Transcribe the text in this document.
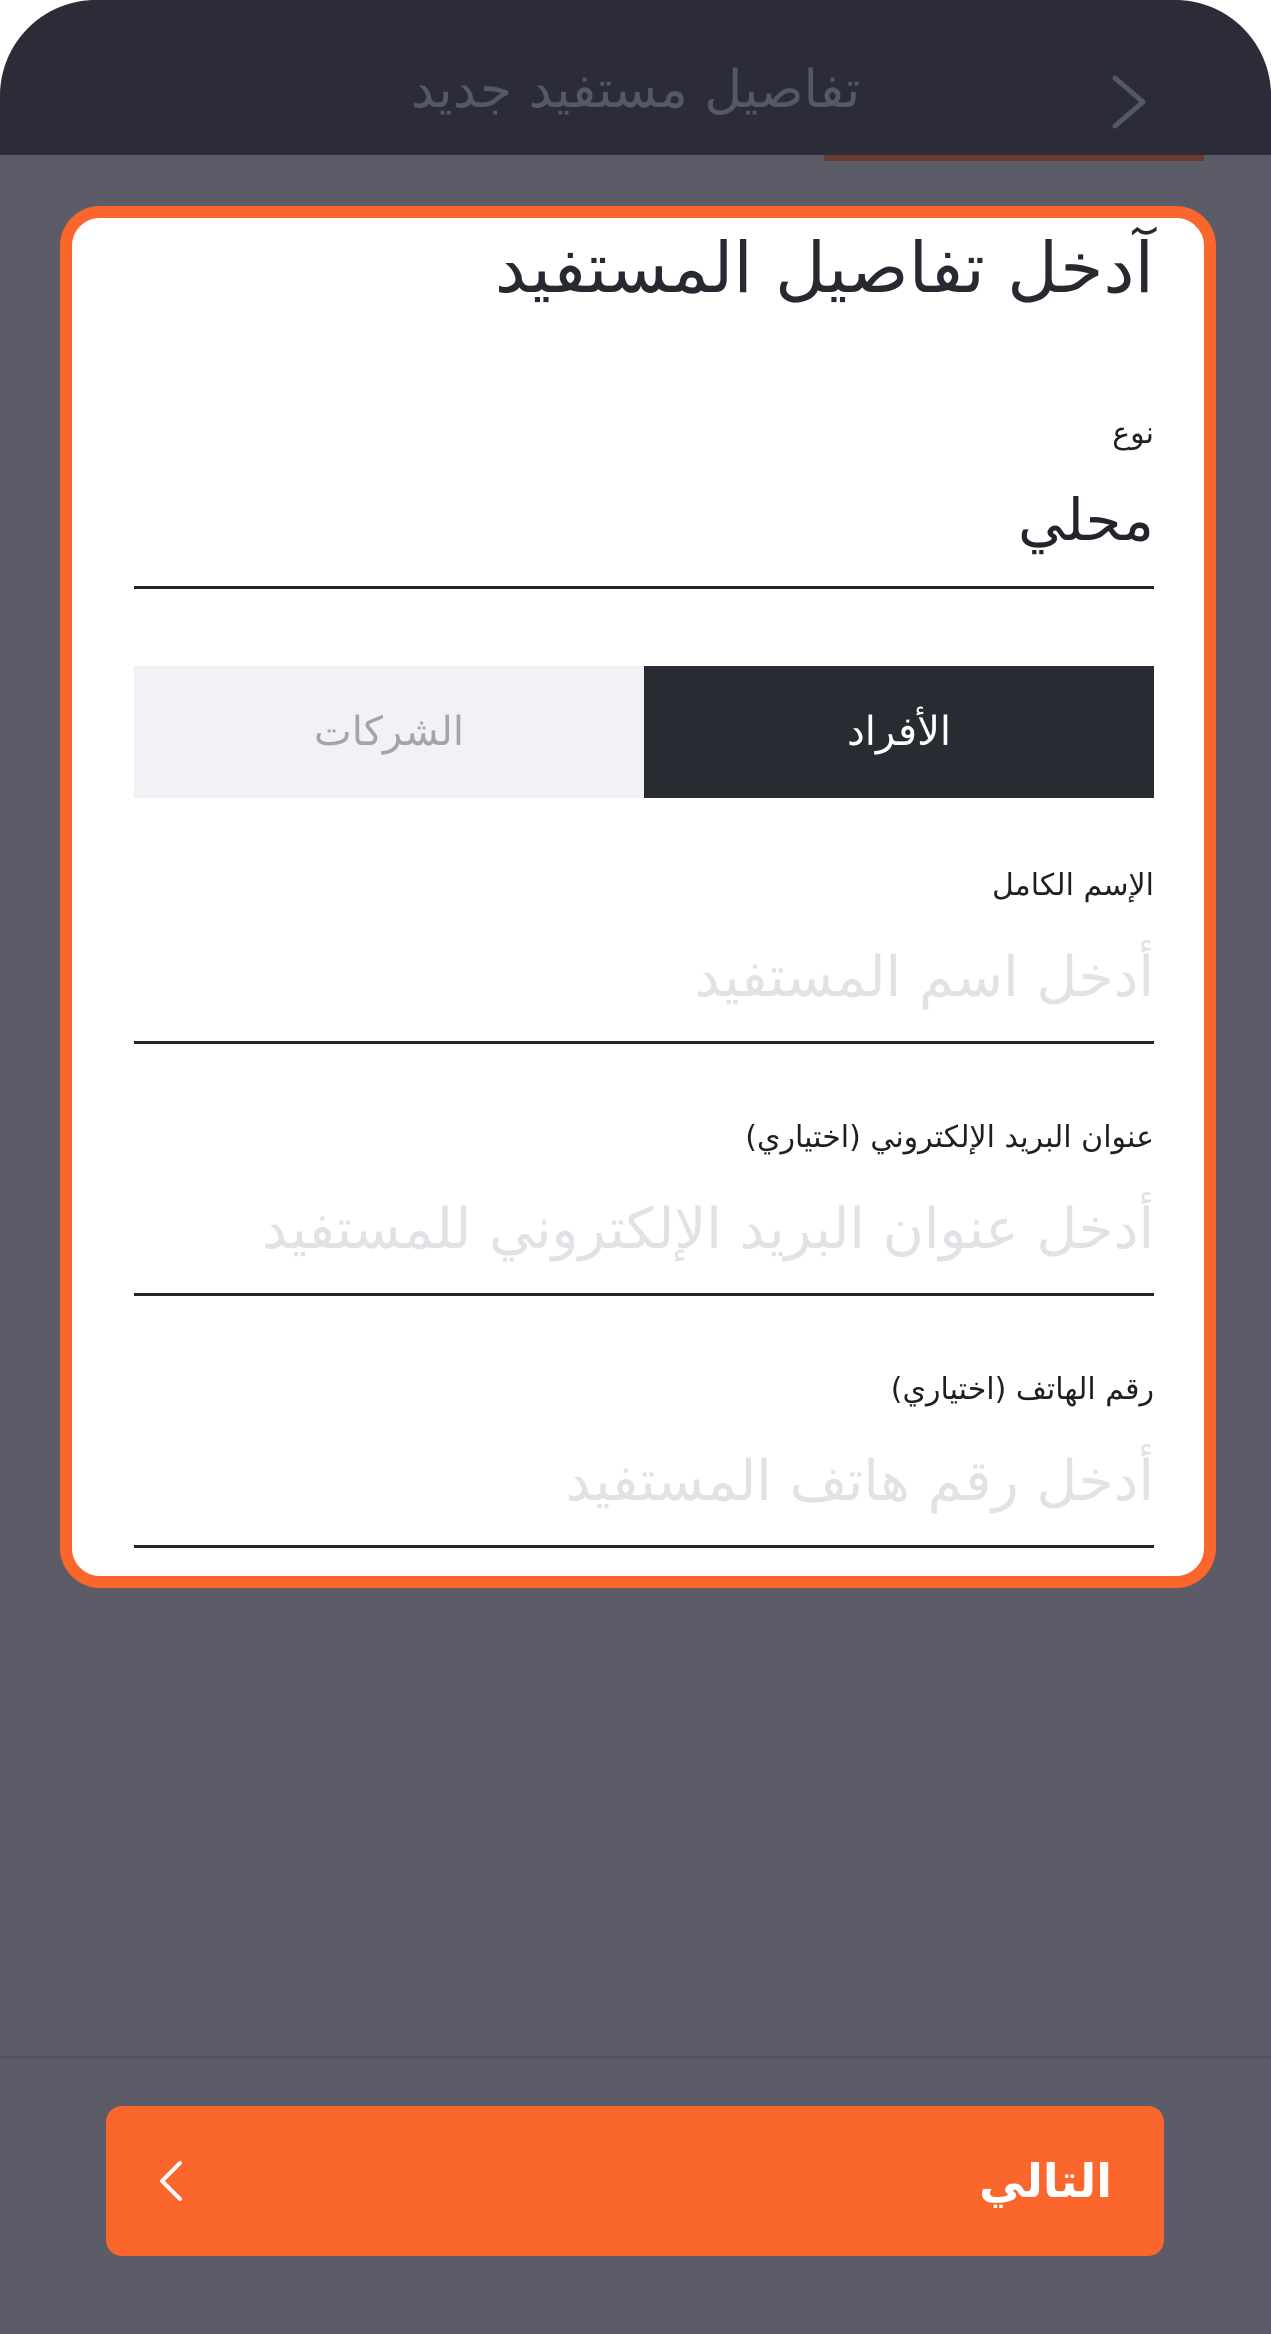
تفاصيل مستفيد جديد
آدخل تفاصيل المستفيد
نوع
محلي
الأفراد
الشركات
الإسم الكامل
أدخل اسم المستفيد
عنوان البريد الإلكتروني (اختياري)
أدخل عنوان البريد الإلكتروني للمستفيد
رقم الهاتف (اختياري)
أدخل رقم هاتف المستفيد
التالي
